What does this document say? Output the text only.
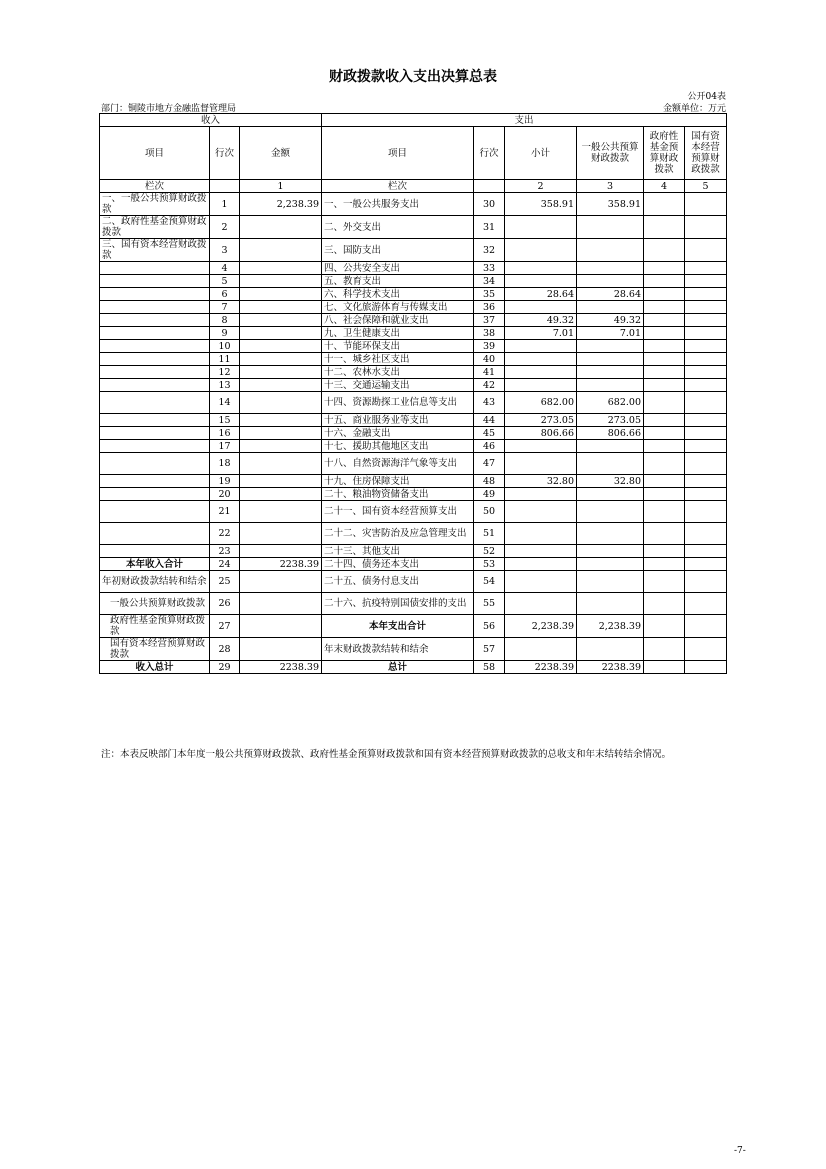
财政拨款收入支出决算总表
公开04表
部门：铜陵市地方金融监督管理局	金额单位：万元
收入			支出					
项目	行次	金额	项目	行次	小计	一般公共预算财政拨款	政府性基金预算财政拨款	国有资本经营预算财政拨款
栏次		1	栏次		2	3	4	5
一、一般公共预算财政拨款	1	2,238.39	一、一般公共服务支出	30	358.91	358.91		
二、政府性基金预算财政拨款	2		二、外交支出	31				
三、国有资本经营财政拨款	3		三、国防支出	32				
	4		四、公共安全支出	33				
	5		五、教育支出	34				
	6		六、科学技术支出	35	28.64	28.64		
	7		七、文化旅游体育与传媒支出	36				
	8		八、社会保障和就业支出	37	49.32	49.32		
	9		九、卫生健康支出	38	7.01	7.01		
	10		十、节能环保支出	39				
	11		十一、城乡社区支出	40				
	12		十二、农林水支出	41				
	13		十三、交通运输支出	42				
	14		十四、资源勘探工业信息等支出	43	682.00	682.00		
	15		十五、商业服务业等支出	44	273.05	273.05		
	16		十六、金融支出	45	806.66	806.66		
	17		十七、援助其他地区支出	46				
	18		十八、自然资源海洋气象等支出	47				
	19		十九、住房保障支出	48	32.80	32.80		
	20		二十、粮油物资储备支出	49				
	21		二十一、国有资本经营预算支出	50				
	22		二十二、灾害防治及应急管理支出	51				
	23		二十三、其他支出	52				
本年收入合计	24	2238.39	二十四、债务还本支出	53				
年初财政拨款结转和结余	25		二十五、债务付息支出	54				
一般公共预算财政拨款	26		二十六、抗疫特别国债安排的支出	55				
政府性基金预算财政拨款	27		本年支出合计	56	2,238.39	2,238.39		
国有资本经营预算财政拨款	28		年末财政拨款结转和结余	57				
收入总计	29	2238.39	总计	58	2238.39	2238.39		
注：本表反映部门本年度一般公共预算财政拨款、政府性基金预算财政拨款和国有资本经营预算财政拨款的总收支和年末结转结余情况。
-7-
